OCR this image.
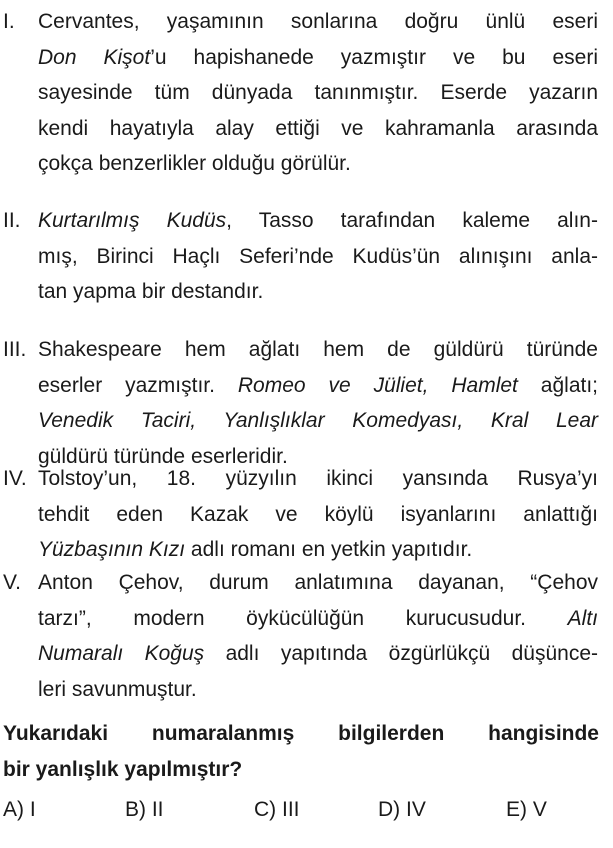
I. Cervantes, yaşamının sonlarına doğru ünlü eseri
Don Kişot’u hapishanede yazmıştır ve bu eseri
sayesinde tüm dünyada tanınmıştır. Eserde yazarın
kendi hayatıyla alay ettiği ve kahramanla arasında
çokça benzerlikler olduğu görülür.
II. Kurtarılmış Kudüs, Tasso tarafından kaleme alın-
mış, Birinci Haçlı Seferi’nde Kudüs’ün alınışını anla-
tan yapma bir destandır.
III. Shakespeare hem ağlatı hem de güldürü türünde
eserler yazmıştır. Romeo ve Jüliet, Hamlet ağlatı;
Venedik Taciri, Yanlışlıklar Komedyası, Kral Lear
güldürü türünde eserleridir.
IV. Tolstoy’un, 18. yüzyılın ikinci yansında Rusya’yı
tehdit eden Kazak ve köylü isyanlarını anlattığı
Yüzbaşının Kızı adlı romanı en yetkin yapıtıdır.
V. Anton Çehov, durum anlatımına dayanan, “Çehov
tarzı”, modern öykücülüğün kurucusudur. Altı
Numaralı Koğuş adlı yapıtında özgürlükçü düşünce-
leri savunmuştur.
Yukarıdaki numaralanmış bilgilerden hangisinde
bir yanlışlık yapılmıştır?
A) I	B) II	C) III	D) IV	E) V
